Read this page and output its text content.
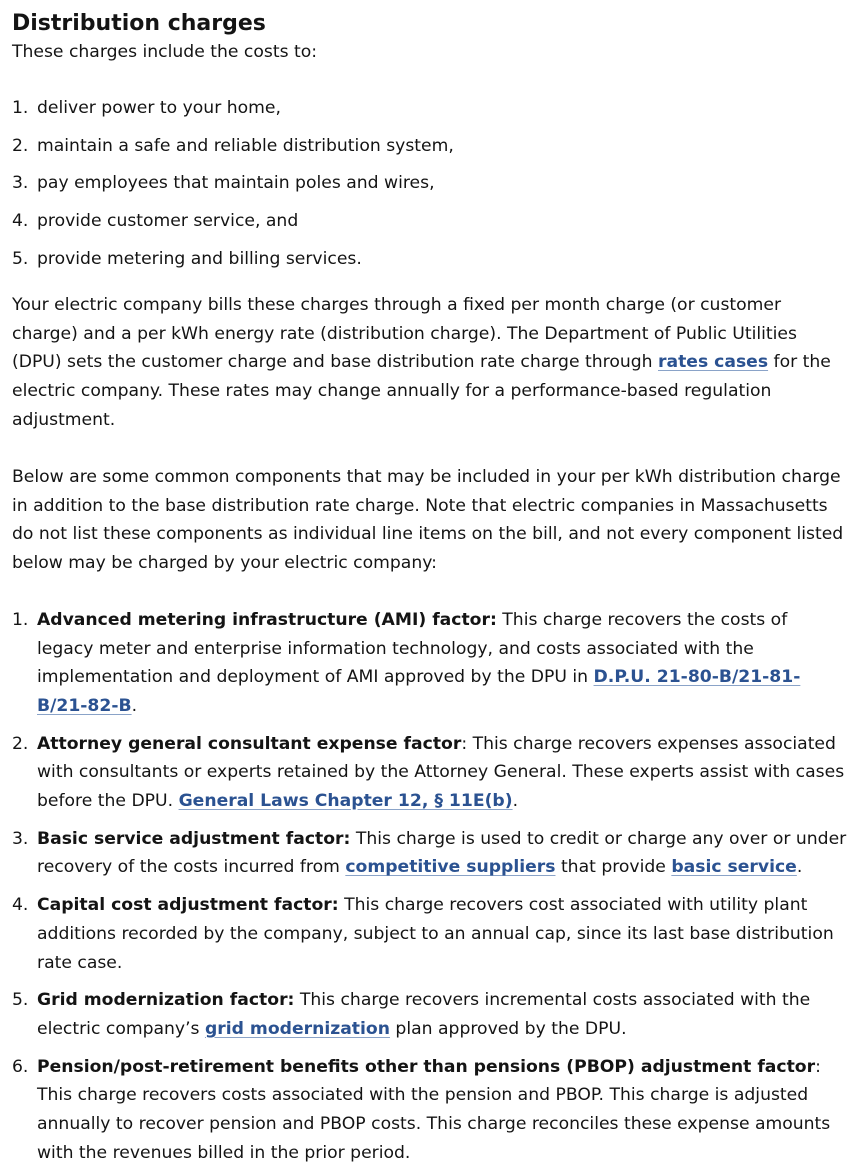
Distribution charges

These charges include the costs to:

1. deliver power to your home,
2. maintain a safe and reliable distribution system,
3. pay employees that maintain poles and wires,
4. provide customer service, and
5. provide metering and billing services.

Your electric company bills these charges through a fixed per month charge (or customer charge) and a per kWh energy rate (distribution charge). The Department of Public Utilities (DPU) sets the customer charge and base distribution rate charge through rates cases for the electric company. These rates may change annually for a performance-based regulation adjustment.

Below are some common components that may be included in your per kWh distribution charge in addition to the base distribution rate charge. Note that electric companies in Massachusetts do not list these components as individual line items on the bill, and not every component listed below may be charged by your electric company:

1. Advanced metering infrastructure (AMI) factor: This charge recovers the costs of legacy meter and enterprise information technology, and costs associated with the implementation and deployment of AMI approved by the DPU in D.P.U. 21-80-B/21-81-B/21-82-B.
2. Attorney general consultant expense factor: This charge recovers expenses associated with consultants or experts retained by the Attorney General. These experts assist with cases before the DPU. General Laws Chapter 12, § 11E(b).
3. Basic service adjustment factor: This charge is used to credit or charge any over or under recovery of the costs incurred from competitive suppliers that provide basic service.
4. Capital cost adjustment factor: This charge recovers cost associated with utility plant additions recorded by the company, subject to an annual cap, since its last base distribution rate case.
5. Grid modernization factor: This charge recovers incremental costs associated with the electric company’s grid modernization plan approved by the DPU.
6. Pension/post-retirement benefits other than pensions (PBOP) adjustment factor: This charge recovers costs associated with the pension and PBOP. This charge is adjusted annually to recover pension and PBOP costs. This charge reconciles these expense amounts with the revenues billed in the prior period.
